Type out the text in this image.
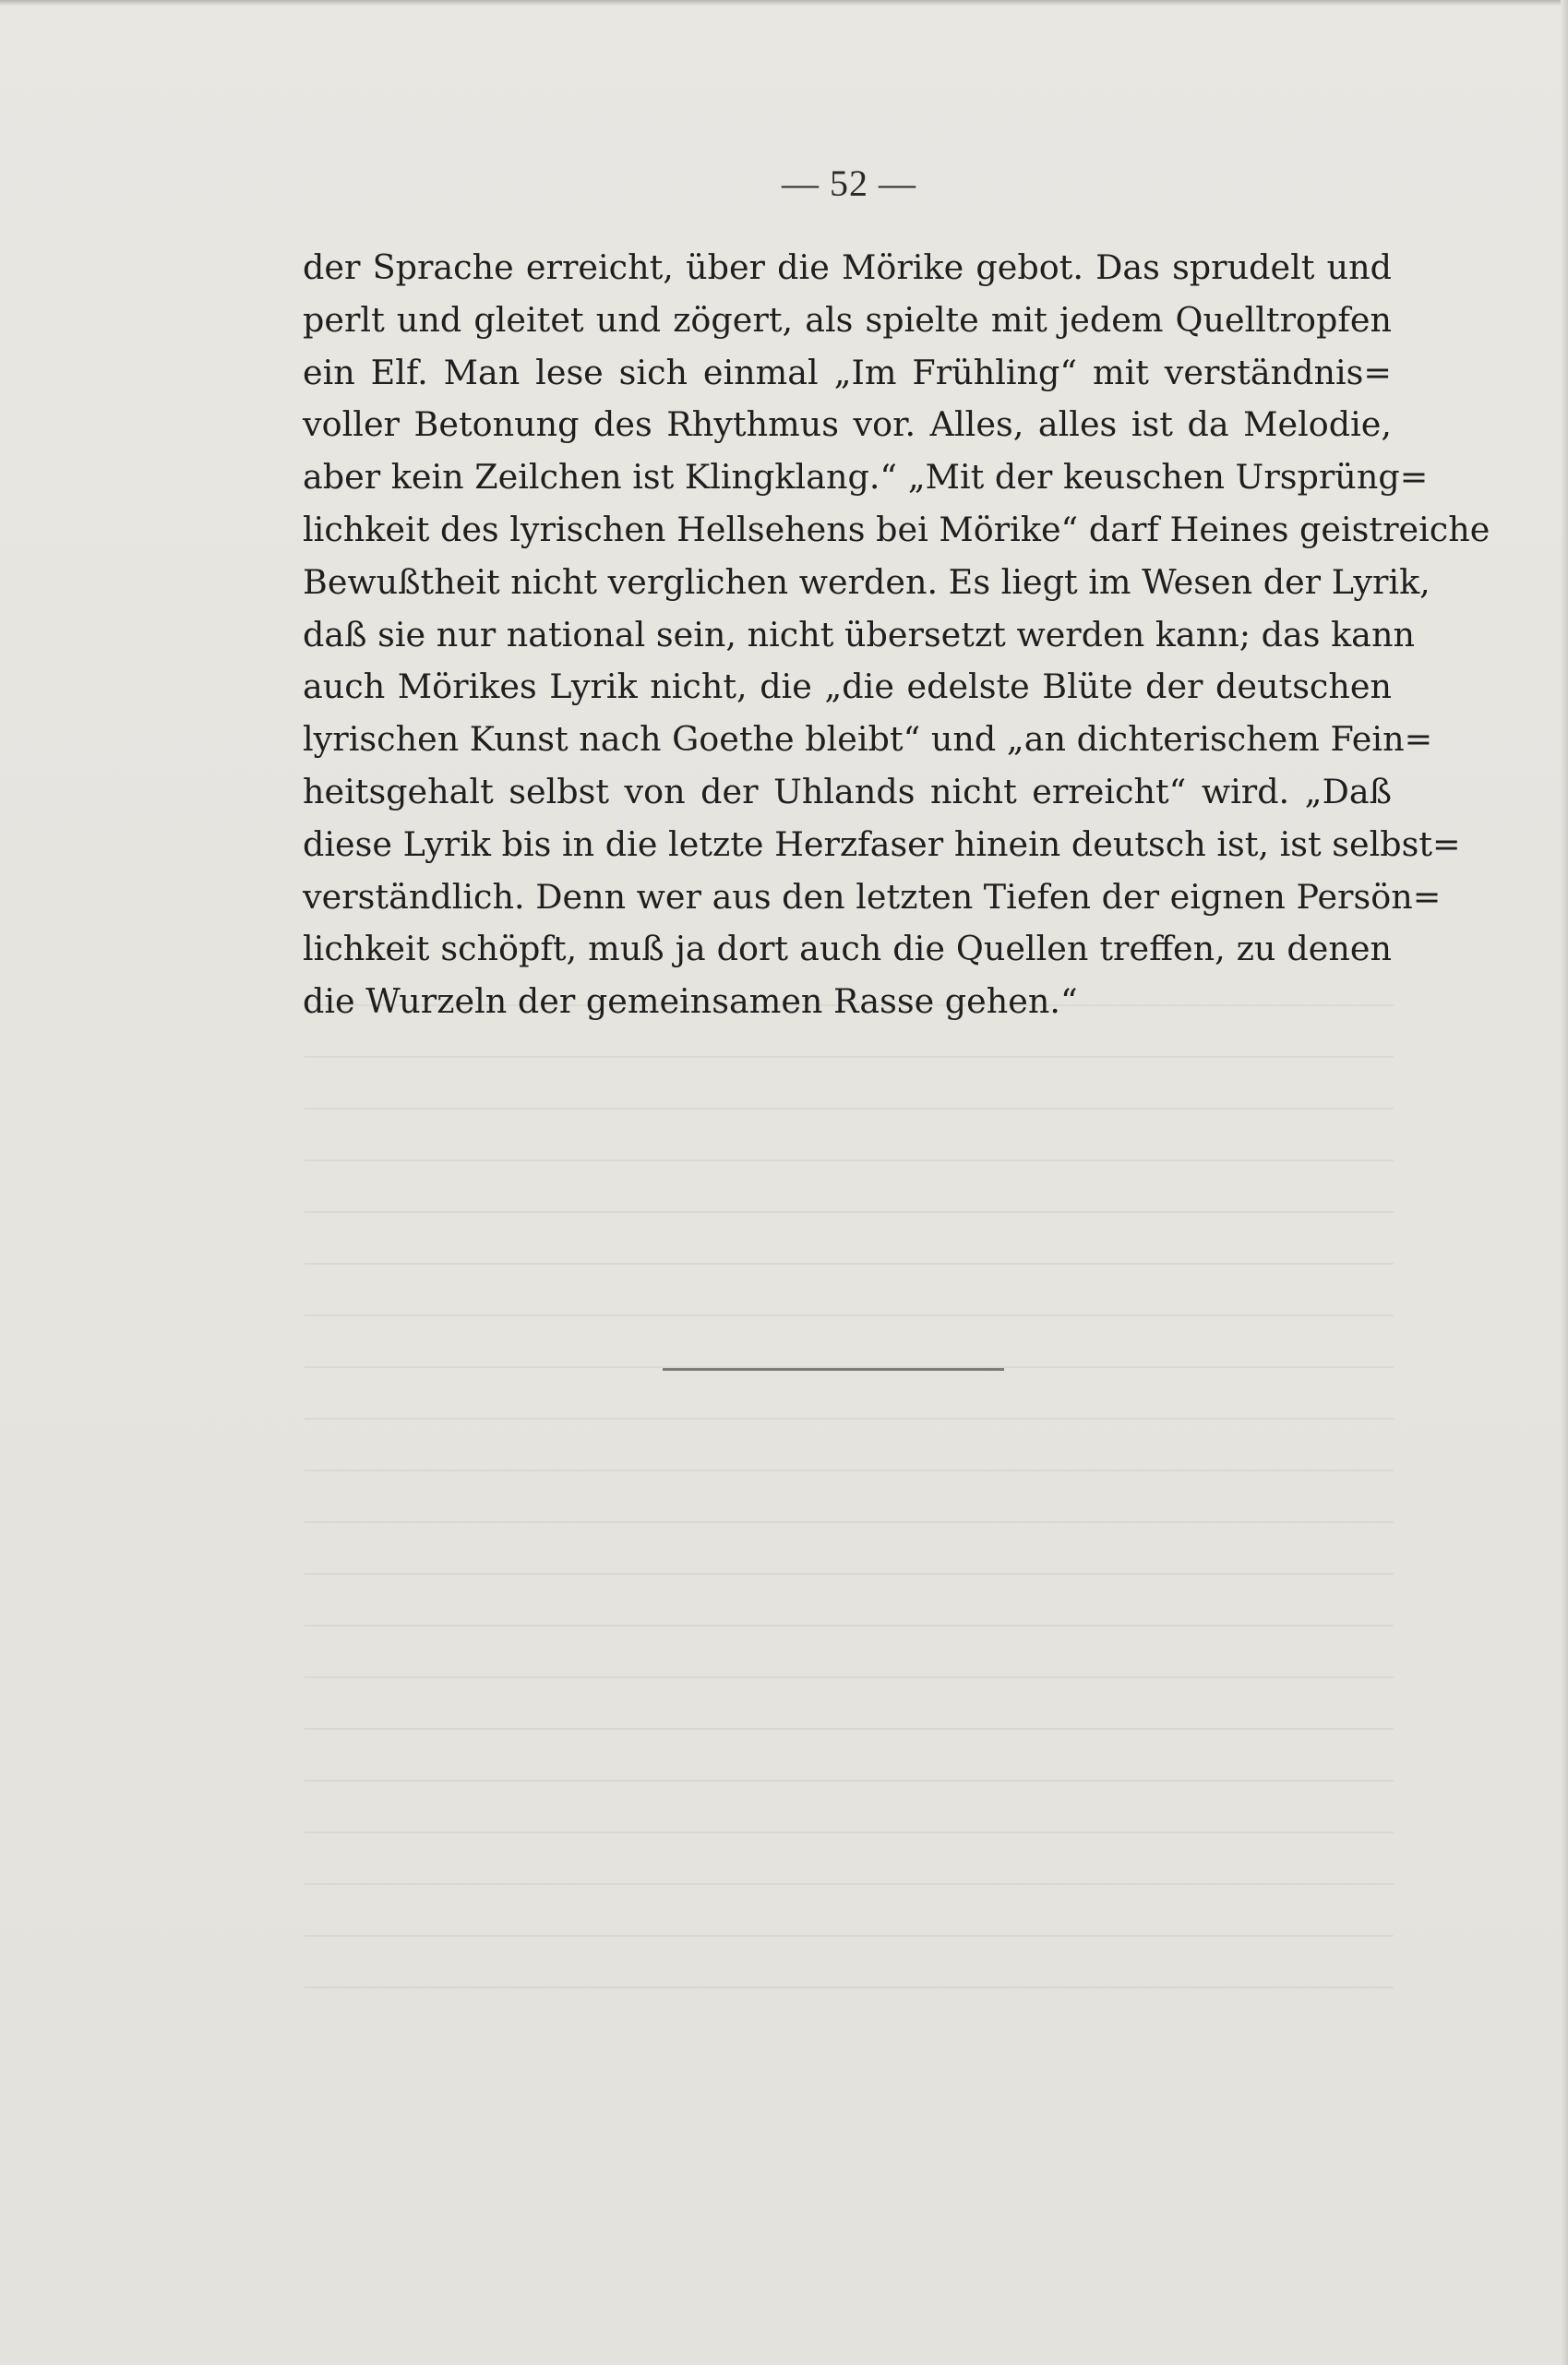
— 52 —
der Sprache erreicht, über die Mörike gebot. Das sprudelt und
perlt und gleitet und zögert, als spielte mit jedem Quelltropfen
ein Elf. Man lese sich einmal „Im Frühling“ mit verständnis=
voller Betonung des Rhythmus vor. Alles, alles ist da Melodie,
aber kein Zeilchen ist Klingklang.“ „Mit der keuschen Ursprüng=
lichkeit des lyrischen Hellsehens bei Mörike“ darf Heines geistreiche
Bewußtheit nicht verglichen werden. Es liegt im Wesen der Lyrik,
daß sie nur national sein, nicht übersetzt werden kann; das kann
auch Mörikes Lyrik nicht, die „die edelste Blüte der deutschen
lyrischen Kunst nach Goethe bleibt“ und „an dichterischem Fein=
heitsgehalt selbst von der Uhlands nicht erreicht“ wird. „Daß
diese Lyrik bis in die letzte Herzfaser hinein deutsch ist, ist selbst=
verständlich. Denn wer aus den letzten Tiefen der eignen Persön=
lichkeit schöpft, muß ja dort auch die Quellen treffen, zu denen
die Wurzeln der gemeinsamen Rasse gehen.“
